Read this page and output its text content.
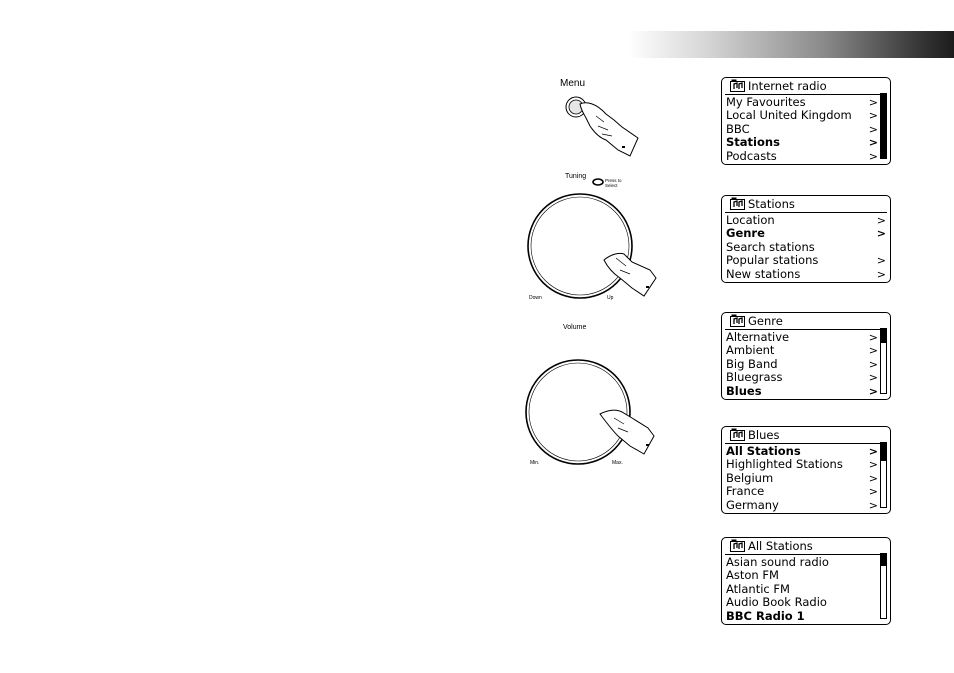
Menu
Tuning
Press to
Select
Down	Up
Volume
Min.	Max.
Internet radio
My Favourites	>
Local United Kingdom >
BBC	>
Stations	>
Podcasts	>
Stations
Location	>
Genre	>
Search stations
Popular stations	>
New stations	>
Genre
Alternative	>
Ambient	>
Big Band	>
Bluegrass	>
Blues	>
Blues
All Stations	>
Highlighted Stations >
Belgium	>
France	>
Germany	>
All Stations
Asian sound radio
Aston FM
Atlantic FM
Audio Book Radio
BBC Radio 1
